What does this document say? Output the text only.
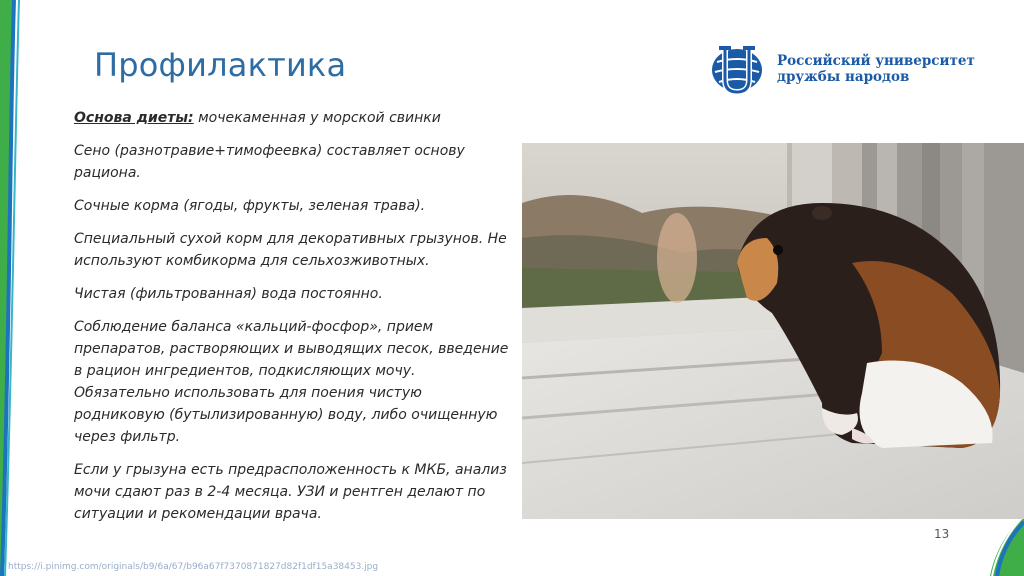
Профилактика	Российский университет
дружбы народов

Основа диеты: мочекаменная у морской свинки

Сено (разнотравие+тимофеевка) составляет основу рациона.

Сочные корма (ягоды, фрукты, зеленая трава).

Специальный сухой корм для декоративных грызунов. Не используют комбикорма для сельхозживотных.

Чистая (фильтрованная) вода постоянно.

Соблюдение баланса «кальций-фосфор», прием препаратов, растворяющих и выводящих песок, введение в рацион ингредиентов, подкисляющих мочу. Обязательно использовать для поения чистую родниковую (бутылизированную) воду, либо очищенную через фильтр.

Если у грызуна есть предрасположенность к МКБ, анализ мочи сдают раз в 2-4 месяца. УЗИ и рентген делают по ситуации и рекомендации врача.

13
https://i.pinimg.com/originals/b9/6a/67/b96a67f7370871827d82f1df15a38453.jpg
